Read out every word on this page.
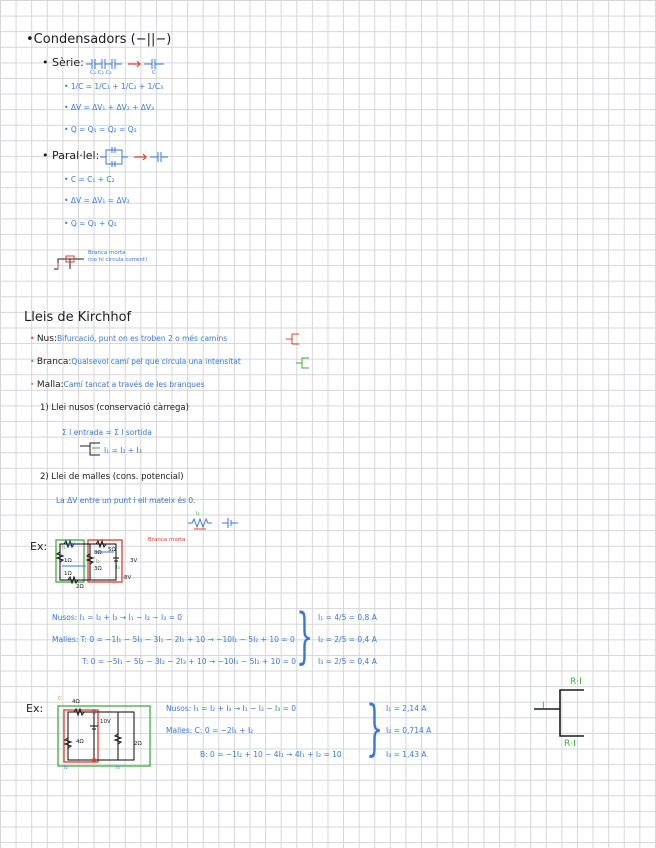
•Condensadors (−||−)
• Sèrie:
C₁ C₂ C₃	C
• 1/C = 1/C₁ + 1/C₂ + 1/C₃
• ΔV = ΔV₁ + ΔV₂ + ΔV₃
• Q = Q₁ = Q₂ = Q₃
• Paral·lel:
• C = C₁ + C₂
• ΔV = ΔV₁ = ΔV₂
• Q = Q₁ + Q₂
Branca morta
(no hi circula corrent)
Lleis de Kirchhof
• Nus:Bifurcació, punt on es troben 2 o més camins
• Branca:Qualsevol camí pel que circula una intensitat
• Malla:Camí tancat a través de les branques
1) Llei nusos (conservació càrrega)
Σ I entrada = Σ I sortida
I₁ = I₂ + I₃
2) Llei de malles (cons. potencial)
La ΔV entre un punt i ell mateix és 0.
I₁
Ex:	6V
1Ω
3Ω
3Ω
1Ω
2Ω
5Ω
3V
8V
I₁
I₂
I₃
Branca morta
Nusos: I₁ = I₂ + I₃ → I₁ − I₂ − I₃ = 0
Malles: T: 0 = −1I₁ − 5I₁ − 3I₁ − 2I₁ + 10 → −10I₁ − 5I₂ + 10 = 0
T: 0 = −5I₁ − 5I₂ − 3I₂ − 2I₃ + 10 → −10I₁ − 5I₂ + 10 = 0 } I₁ = 4/5 = 0,8 A
I₂ = 2/5 = 0,4 A
I₃ = 2/5 = 0,4 A
Ex:
C 4Ω
10V
4Ω	2Ω
I₁
I₂	I₃
Nusos: I₁ = I₂ + I₃ → I₁ − I₂ − I₃ = 0
Malles: C: 0 = −2I₁ + I₂
B: 0 = −1I₂ + 10 − 4I₁ → 4I₁ + I₂ = 10 } I₁ = 2,14 A
I₂ = 0,714 A
I₃ = 1,43 A
R·I
I
R·I
